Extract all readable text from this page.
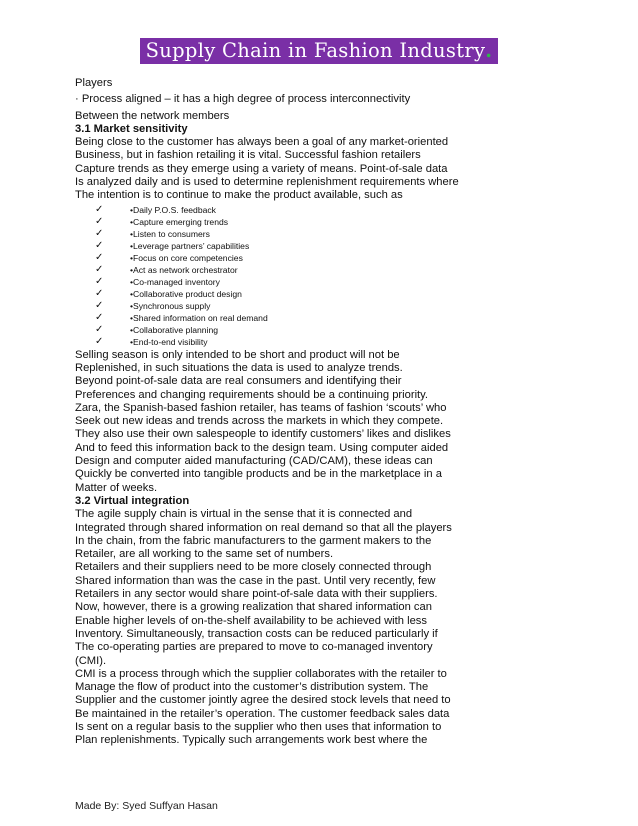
Supply Chain in Fashion Industry.

Players

· Process aligned – it has a high degree of process interconnectivity

Between the network members

3.1 Market sensitivity

Being close to the customer has always been a goal of any market-oriented

Business, but in fashion retailing it is vital. Successful fashion retailers

Capture trends as they emerge using a variety of means. Point-of-sale data

Is analyzed daily and is used to determine replenishment requirements where

The intention is to continue to make the product available, such as

✓	•Daily P.O.S. feedback
✓	•Capture emerging trends
✓	•Listen to consumers
✓	•Leverage partners’ capabilities
✓	•Focus on core competencies
✓	•Act as network orchestrator
✓	•Co-managed inventory
✓	•Collaborative product design
✓	•Synchronous supply
✓	•Shared information on real demand
✓	•Collaborative planning
✓	•End-to-end visibility

Selling season is only intended to be short and product will not be

Replenished, in such situations the data is used to analyze trends.

Beyond point-of-sale data are real consumers and identifying their

Preferences and changing requirements should be a continuing priority.

Zara, the Spanish-based fashion retailer, has teams of fashion ‘scouts’ who

Seek out new ideas and trends across the markets in which they compete.

They also use their own salespeople to identify customers’ likes and dislikes

And to feed this information back to the design team. Using computer aided

Design and computer aided manufacturing (CAD/CAM), these ideas can

Quickly be converted into tangible products and be in the marketplace in a

Matter of weeks.

3.2 Virtual integration

The agile supply chain is virtual in the sense that it is connected and

Integrated through shared information on real demand so that all the players

In the chain, from the fabric manufacturers to the garment makers to the

Retailer, are all working to the same set of numbers.

Retailers and their suppliers need to be more closely connected through

Shared information than was the case in the past. Until very recently, few

Retailers in any sector would share point-of-sale data with their suppliers.

Now, however, there is a growing realization that shared information can

Enable higher levels of on-the-shelf availability to be achieved with less

Inventory. Simultaneously, transaction costs can be reduced particularly if

The co-operating parties are prepared to move to co-managed inventory

(CMI).

CMI is a process through which the supplier collaborates with the retailer to

Manage the flow of product into the customer’s distribution system. The

Supplier and the customer jointly agree the desired stock levels that need to

Be maintained in the retailer’s operation. The customer feedback sales data

Is sent on a regular basis to the supplier who then uses that information to

Plan replenishments. Typically such arrangements work best where the

Made By: Syed Suffyan Hasan
